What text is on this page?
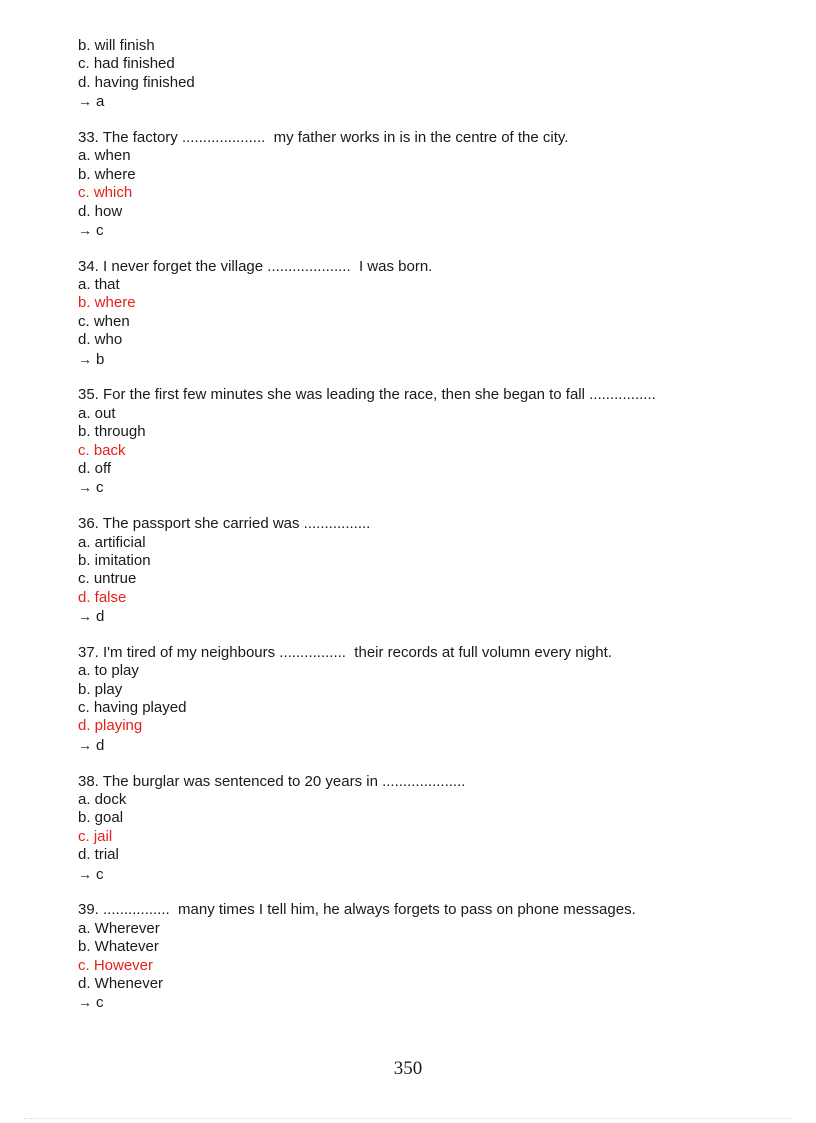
b. will finish
c. had finished
d. having finished
→ a
33. The factory ....................  my father works in is in the centre of the city.
a. when
b. where
c. which
d. how
→ c
34. I never forget the village ....................  I was born.
a. that
b. where
c. when
d. who
→ b
35. For the first few minutes she was leading the race, then she began to fall ................
a. out
b. through
c. back
d. off
→ c
36. The passport she carried was ................
a. artificial
b. imitation
c. untrue
d. false
→ d
37. I'm tired of my neighbours ................  their records at full volumn every night.
a. to play
b. play
c. having played
d. playing
→ d
38. The burglar was sentenced to 20 years in ....................
a. dock
b. goal
c. jail
d. trial
→ c
39. ................  many times I tell him, he always forgets to pass on phone messages.
a. Wherever
b. Whatever
c. However
d. Whenever
→ c
350
